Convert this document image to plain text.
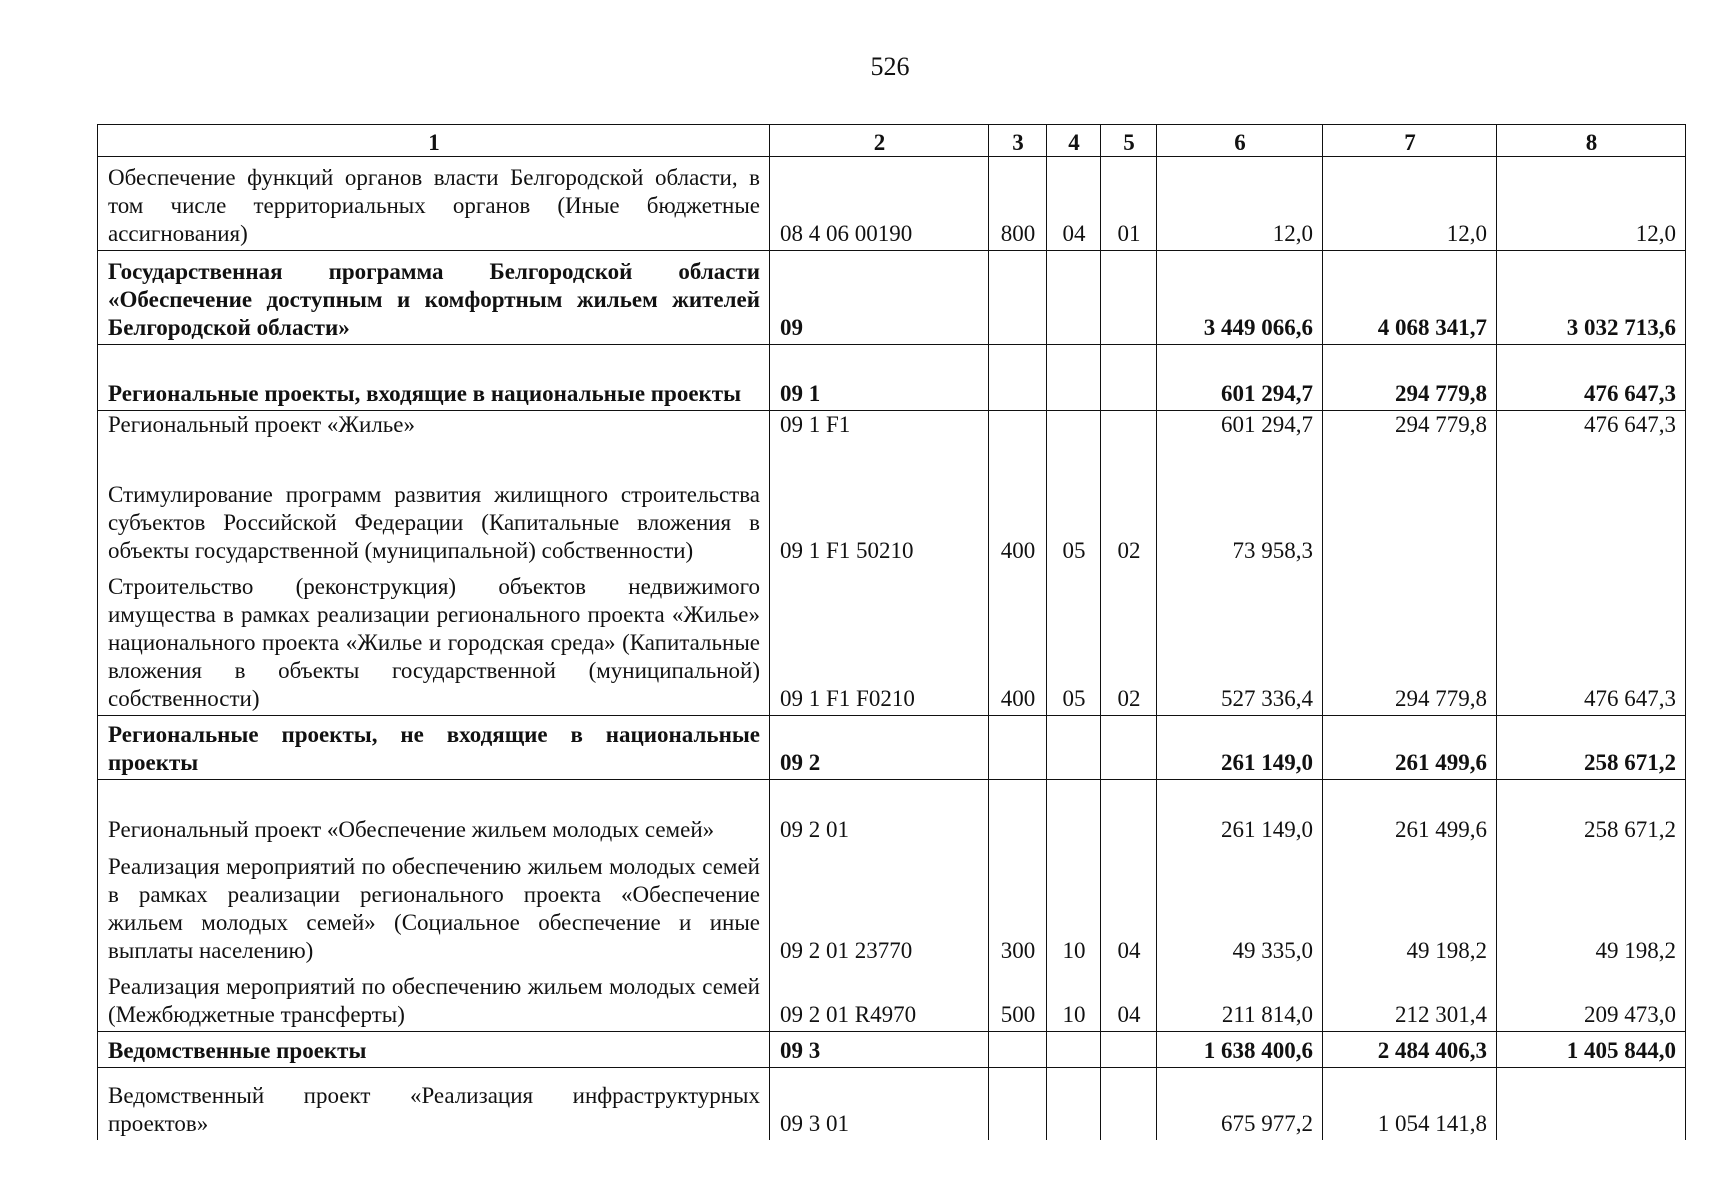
526
1	2	3	4	5	6	7	8
Обеспечение функций органов власти Белгородской области, в том числе территориальных органов (Иные бюджетные ассигнования)	08 4 06 00190	800	04	01	12,0	12,0	12,0
Государственная программа Белгородской области «Обеспечение доступным и комфортным жильем жителей Белгородской области»	09				3 449 066,6	4 068 341,7	3 032 713,6
Региональные проекты, входящие в национальные проекты	09 1				601 294,7	294 779,8	476 647,3
Региональный проект «Жилье»	09 1 F1				601 294,7	294 779,8	476 647,3
Стимулирование программ развития жилищного строительства субъектов Российской Федерации (Капитальные вложения в объекты государственной (муниципальной) собственности)	09 1 F1 50210	400	05	02	73 958,3		
Строительство (реконструкция) объектов недвижимого имущества в рамках реализации регионального проекта «Жилье» национального проекта «Жилье и городская среда» (Капитальные вложения в объекты государственной (муниципальной) собственности)	09 1 F1 F0210	400	05	02	527 336,4	294 779,8	476 647,3
Региональные проекты, не входящие в национальные проекты	09 2				261 149,0	261 499,6	258 671,2
Региональный проект «Обеспечение жильем молодых семей»	09 2 01				261 149,0	261 499,6	258 671,2
Реализация мероприятий по обеспечению жильем молодых семей в рамках реализации регионального проекта «Обеспечение жильем молодых семей» (Социальное обеспечение и иные выплаты населению)	09 2 01 23770	300	10	04	49 335,0	49 198,2	49 198,2
Реализация мероприятий по обеспечению жильем молодых семей (Межбюджетные трансферты)	09 2 01 R4970	500	10	04	211 814,0	212 301,4	209 473,0
Ведомственные проекты	09 3				1 638 400,6	2 484 406,3	1 405 844,0
Ведомственный проект «Реализация инфраструктурных проектов»	09 3 01				675 977,2	1 054 141,8	
